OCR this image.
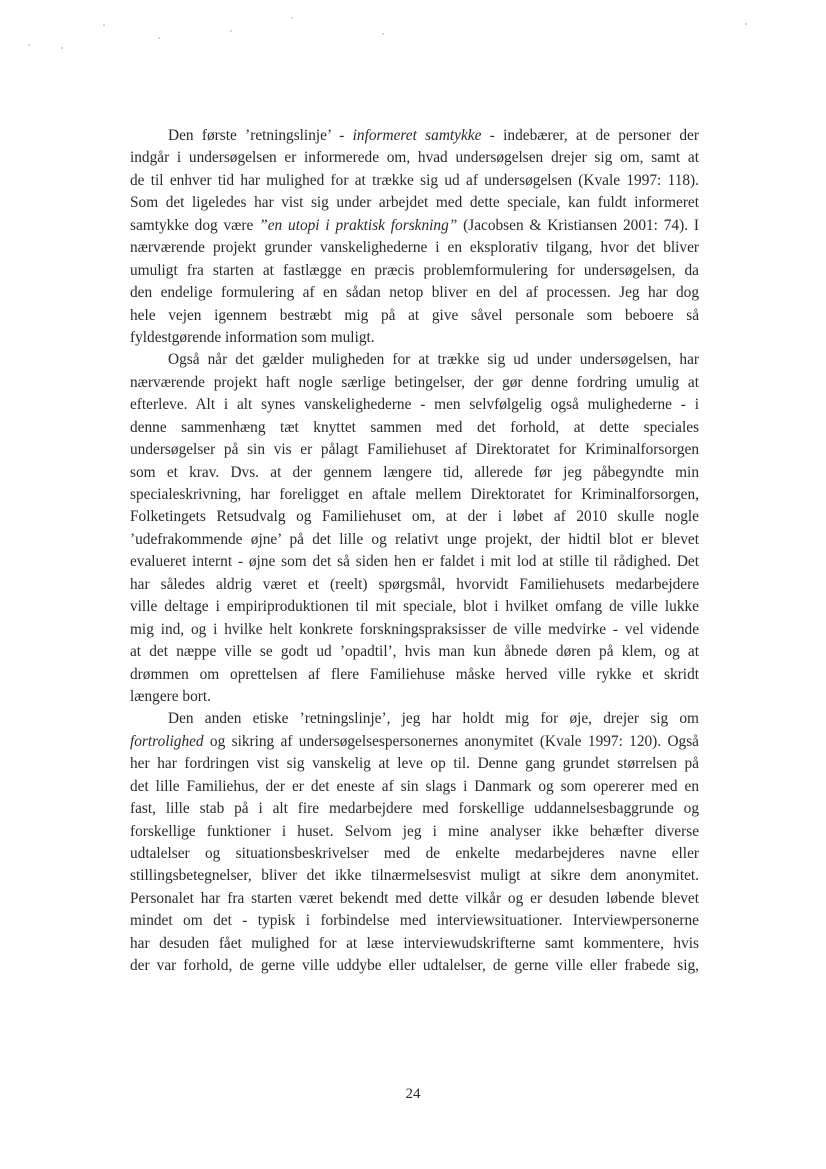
Den første ’retningslinje’ - informeret samtykke - indebærer, at de personer der
indgår i undersøgelsen er informerede om, hvad undersøgelsen drejer sig om, samt at
de til enhver tid har mulighed for at trække sig ud af undersøgelsen (Kvale 1997: 118).
Som det ligeledes har vist sig under arbejdet med dette speciale, kan fuldt informeret
samtykke dog være ”en utopi i praktisk forskning” (Jacobsen & Kristiansen 2001: 74). I
nærværende projekt grunder vanskelighederne i en eksplorativ tilgang, hvor det bliver
umuligt fra starten at fastlægge en præcis problemformulering for undersøgelsen, da
den endelige formulering af en sådan netop bliver en del af processen. Jeg har dog
hele vejen igennem bestræbt mig på at give såvel personale som beboere så
fyldestgørende information som muligt.
Også når det gælder muligheden for at trække sig ud under undersøgelsen, har
nærværende projekt haft nogle særlige betingelser, der gør denne fordring umulig at
efterleve. Alt i alt synes vanskelighederne - men selvfølgelig også mulighederne - i
denne sammenhæng tæt knyttet sammen med det forhold, at dette speciales
undersøgelser på sin vis er pålagt Familiehuset af Direktoratet for Kriminalforsorgen
som et krav. Dvs. at der gennem længere tid, allerede før jeg påbegyndte min
specialeskrivning, har foreligget en aftale mellem Direktoratet for Kriminalforsorgen,
Folketingets Retsudvalg og Familiehuset om, at der i løbet af 2010 skulle nogle
’udefrakommende øjne’ på det lille og relativt unge projekt, der hidtil blot er blevet
evalueret internt - øjne som det så siden hen er faldet i mit lod at stille til rådighed. Det
har således aldrig været et (reelt) spørgsmål, hvorvidt Familiehusets medarbejdere
ville deltage i empiriproduktionen til mit speciale, blot i hvilket omfang de ville lukke
mig ind, og i hvilke helt konkrete forskningspraksisser de ville medvirke - vel vidende
at det næppe ville se godt ud ’opadtil’, hvis man kun åbnede døren på klem, og at
drømmen om oprettelsen af flere Familiehuse måske herved ville rykke et skridt
længere bort.
Den anden etiske ’retningslinje’, jeg har holdt mig for øje, drejer sig om
fortrolighed og sikring af undersøgelsespersonernes anonymitet (Kvale 1997: 120). Også
her har fordringen vist sig vanskelig at leve op til. Denne gang grundet størrelsen på
det lille Familiehus, der er det eneste af sin slags i Danmark og som opererer med en
fast, lille stab på i alt fire medarbejdere med forskellige uddannelsesbaggrunde og
forskellige funktioner i huset. Selvom jeg i mine analyser ikke behæfter diverse
udtalelser og situationsbeskrivelser med de enkelte medarbejderes navne eller
stillingsbetegnelser, bliver det ikke tilnærmelsesvist muligt at sikre dem anonymitet.
Personalet har fra starten været bekendt med dette vilkår og er desuden løbende blevet
mindet om det - typisk i forbindelse med interviewsituationer. Interviewpersonerne
har desuden fået mulighed for at læse interviewudskrifterne samt kommentere, hvis
der var forhold, de gerne ville uddybe eller udtalelser, de gerne ville eller frabede sig,
24
